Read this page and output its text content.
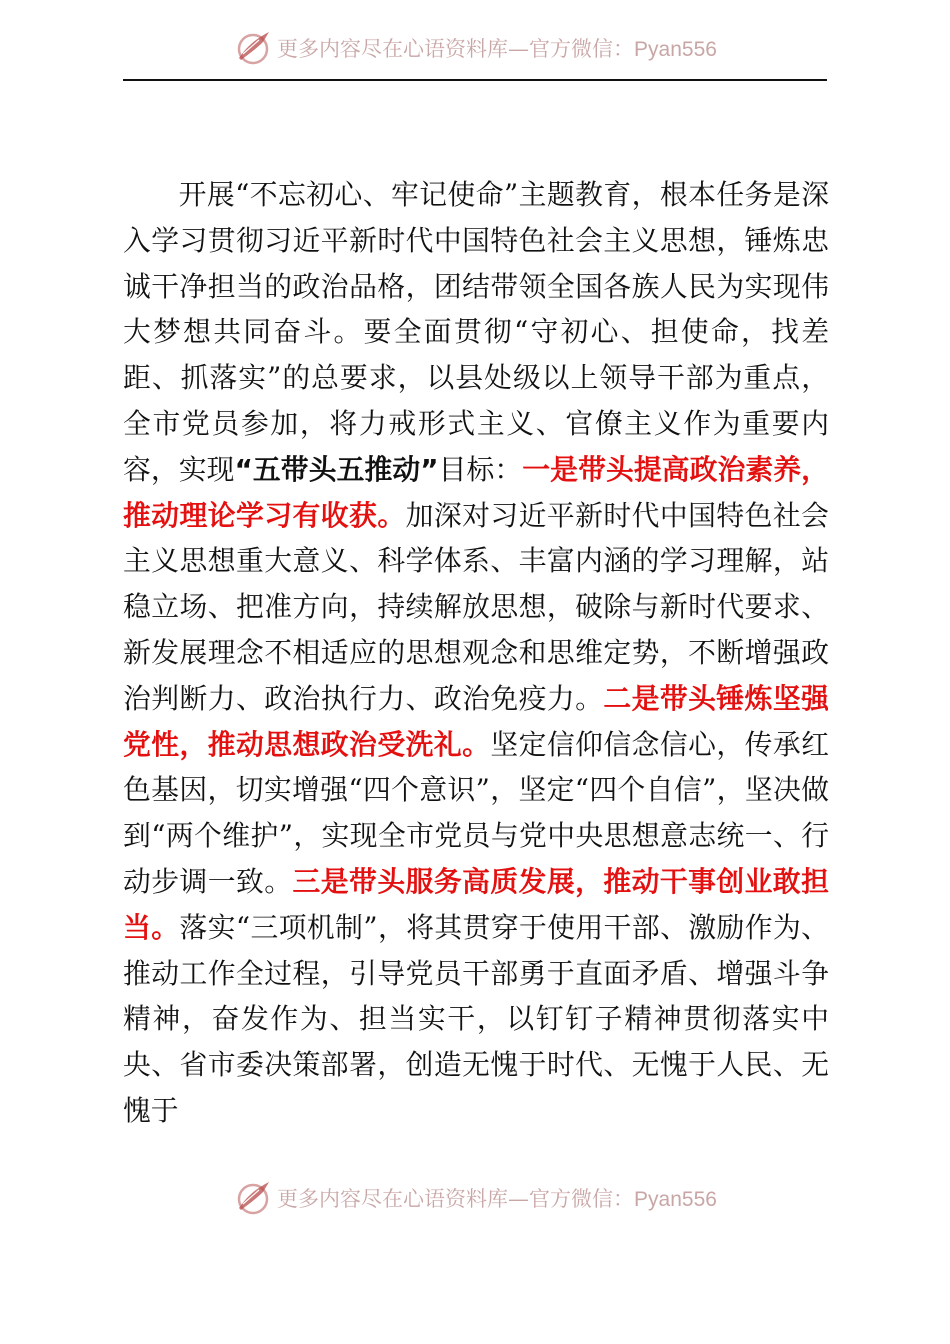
更多内容尽在心语资料库—官方微信：Pyan556

开展“不忘初心、牢记使命”主题教育，根本任务是深入学习贯彻习近平新时代中国特色社会主义思想，锤炼忠诚干净担当的政治品格，团结带领全国各族人民为实现伟大梦想共同奋斗。要全面贯彻“守初心、担使命，找差距、抓落实”的总要求，以县处级以上领导干部为重点，全市党员参加，将力戒形式主义、官僚主义作为重要内容，实现“五带头五推动”目标：一是带头提高政治素养，推动理论学习有收获。加深对习近平新时代中国特色社会主义思想重大意义、科学体系、丰富内涵的学习理解，站稳立场、把准方向，持续解放思想，破除与新时代要求、新发展理念不相适应的思想观念和思维定势，不断增强政治判断力、政治执行力、政治免疫力。二是带头锤炼坚强党性，推动思想政治受洗礼。坚定信仰信念信心，传承红色基因，切实增强“四个意识”，坚定“四个自信”，坚决做到“两个维护”，实现全市党员与党中央思想意志统一、行动步调一致。三是带头服务高质发展，推动干事创业敢担当。落实“三项机制”，将其贯穿于使用干部、激励作为、推动工作全过程，引导党员干部勇于直面矛盾、增强斗争精神，奋发作为、担当实干，以钉钉子精神贯彻落实中央、省市委决策部署，创造无愧于时代、无愧于人民、无愧于

更多内容尽在心语资料库—官方微信：Pyan556
